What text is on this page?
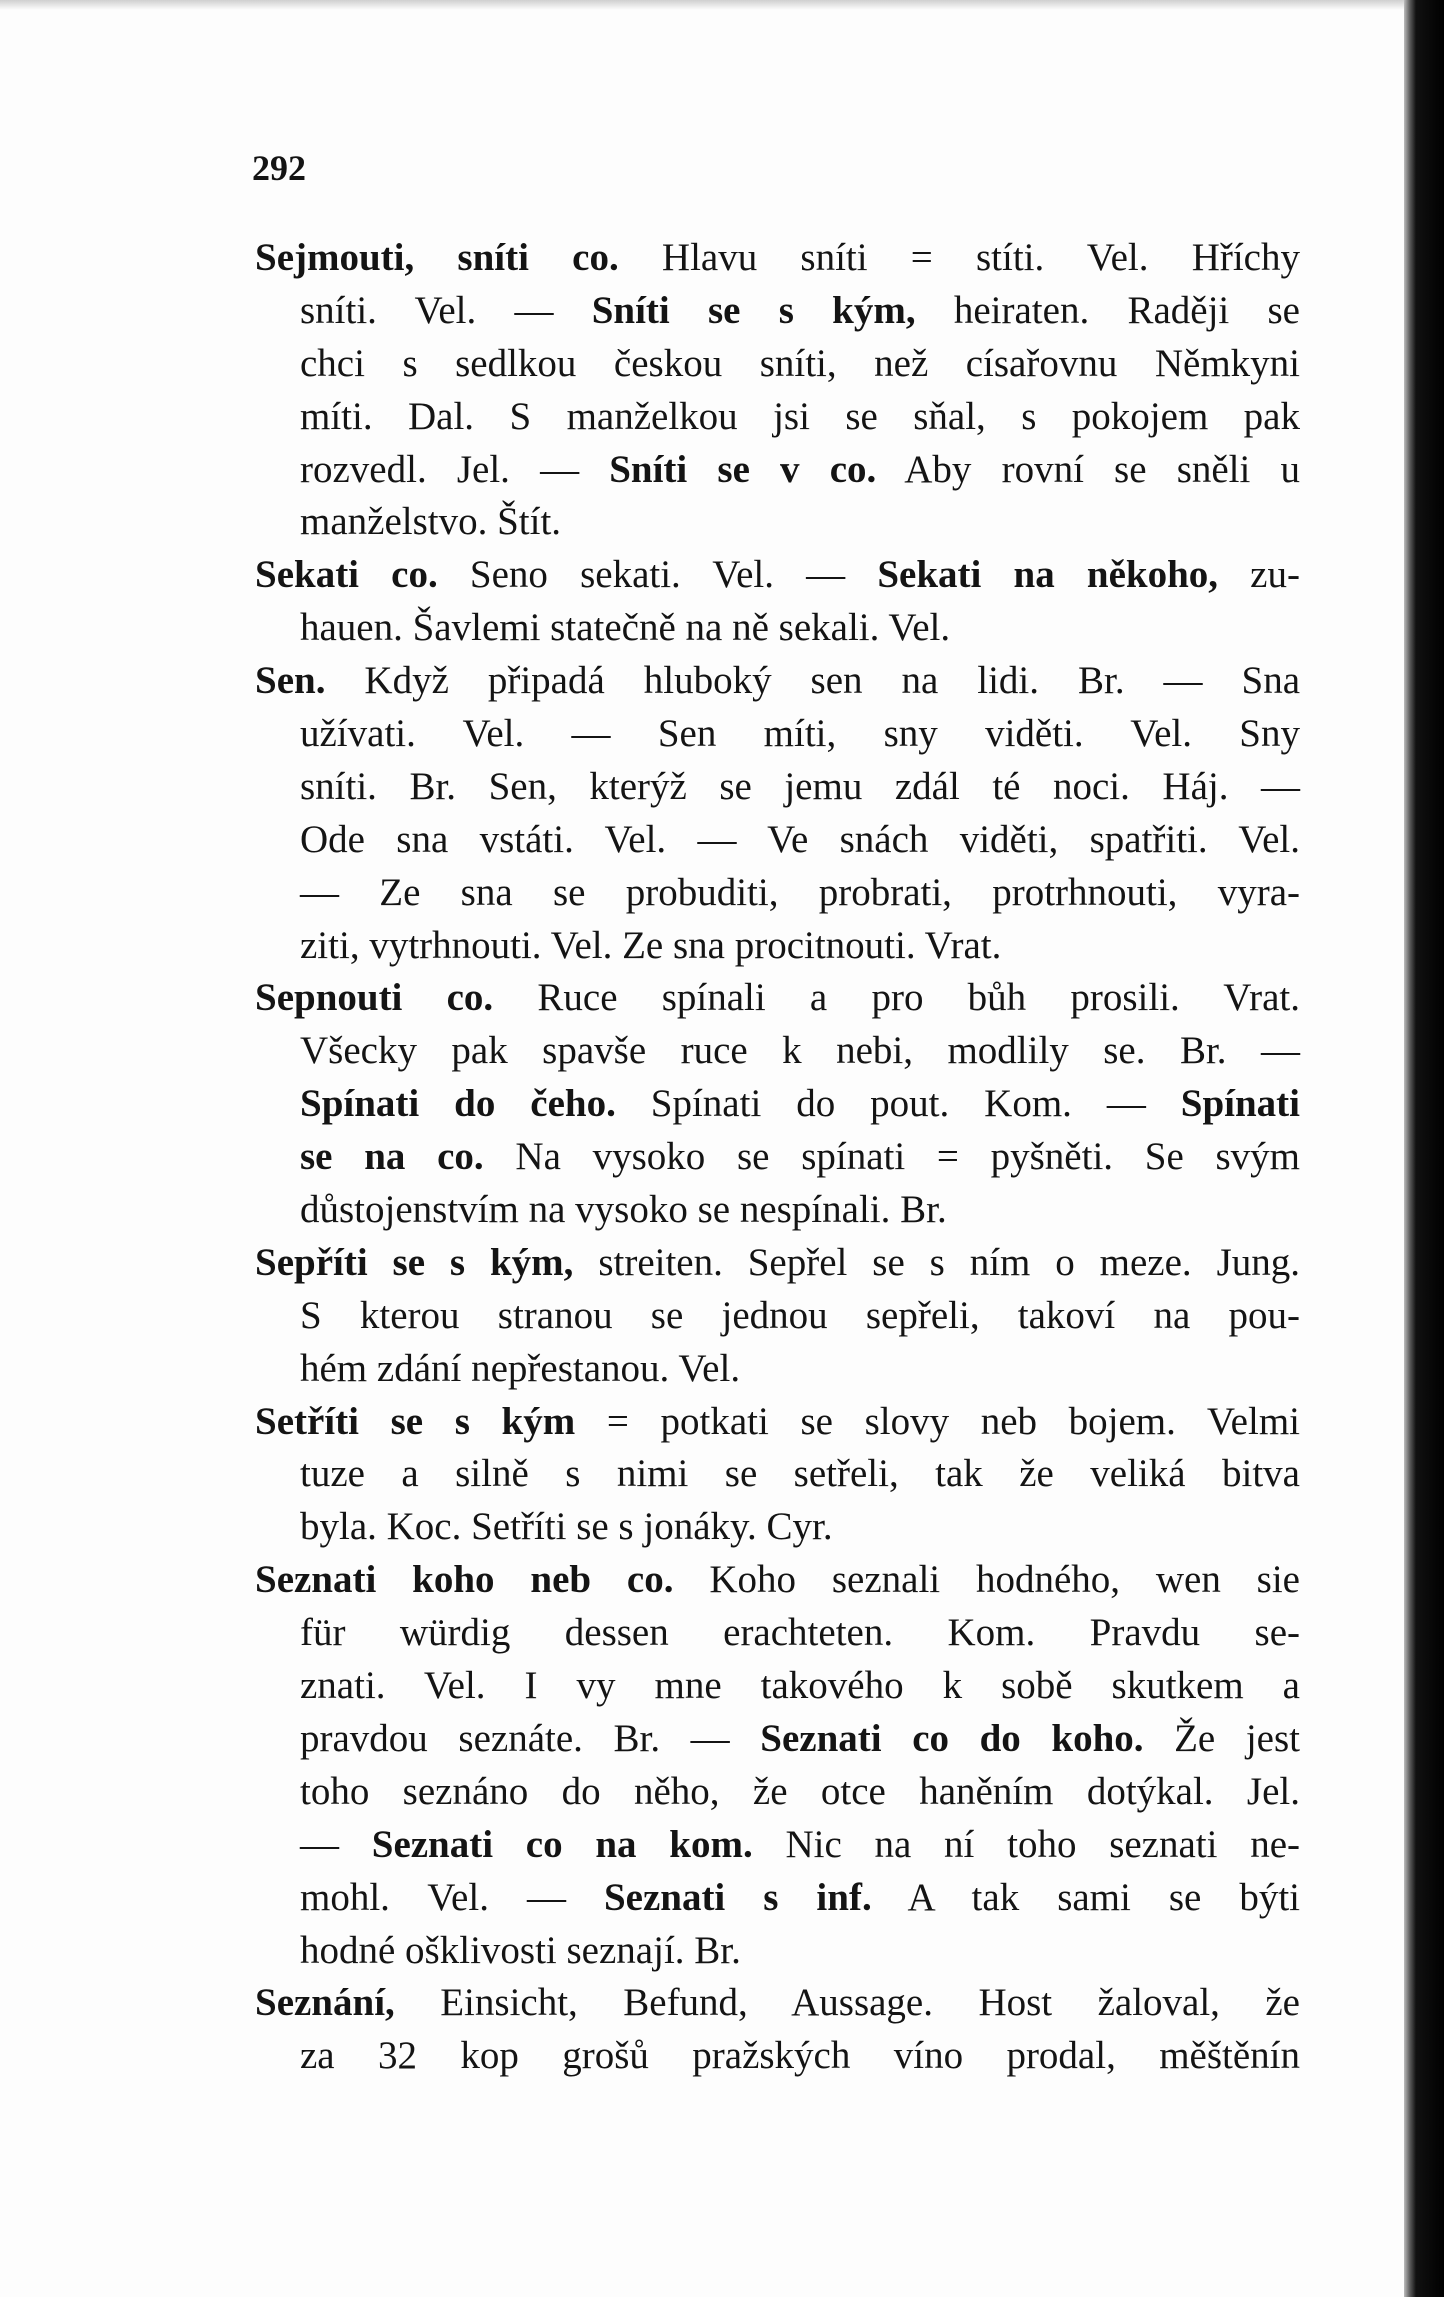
292
Sejmouti, sníti co. Hlavu sníti = stíti. Vel. Hříchy
sníti. Vel. — Sníti se s kým, heiraten. Raději se
chci s sedlkou českou sníti, než císařovnu Němkyni
míti. Dal. S manželkou jsi se sňal, s pokojem pak
rozvedl. Jel. — Sníti se v co. Aby rovní se sněli u
manželstvo. Štít.
Sekati co. Seno sekati. Vel. — Sekati na někoho, zu-
hauen. Šavlemi statečně na ně sekali. Vel.
Sen. Když připadá hluboký sen na lidi. Br. — Sna
užívati. Vel. — Sen míti, sny viděti. Vel. Sny
sníti. Br. Sen, kterýž se jemu zdál té noci. Háj. —
Ode sna vstáti. Vel. — Ve snách viděti, spatřiti. Vel.
— Ze sna se probuditi, probrati, protrhnouti, vyra-
ziti, vytrhnouti. Vel. Ze sna procitnouti. Vrat.
Sepnouti co. Ruce spínali a pro bůh prosili. Vrat.
Všecky pak spavše ruce k nebi, modlily se. Br. —
Spínati do čeho. Spínati do pout. Kom. — Spínati
se na co. Na vysoko se spínati = pyšněti. Se svým
důstojenstvím na vysoko se nespínali. Br.
Sepříti se s kým, streiten. Sepřel se s ním o meze. Jung.
S kterou stranou se jednou sepřeli, takoví na pou-
hém zdání nepřestanou. Vel.
Setříti se s kým = potkati se slovy neb bojem. Velmi
tuze a silně s nimi se setřeli, tak že veliká bitva
byla. Koc. Setříti se s jonáky. Cyr.
Seznati koho neb co. Koho seznali hodného, wen sie
für würdig dessen erachteten. Kom. Pravdu se-
znati. Vel. I vy mne takového k sobě skutkem a
pravdou seznáte. Br. — Seznati co do koho. Že jest
toho seznáno do něho, že otce haněním dotýkal. Jel.
— Seznati co na kom. Nic na ní toho seznati ne-
mohl. Vel. — Seznati s inf. A tak sami se býti
hodné ošklivosti seznají. Br.
Seznání, Einsicht, Befund, Aussage. Host žaloval, že
za 32 kop grošů pražských víno prodal, měštěnín
